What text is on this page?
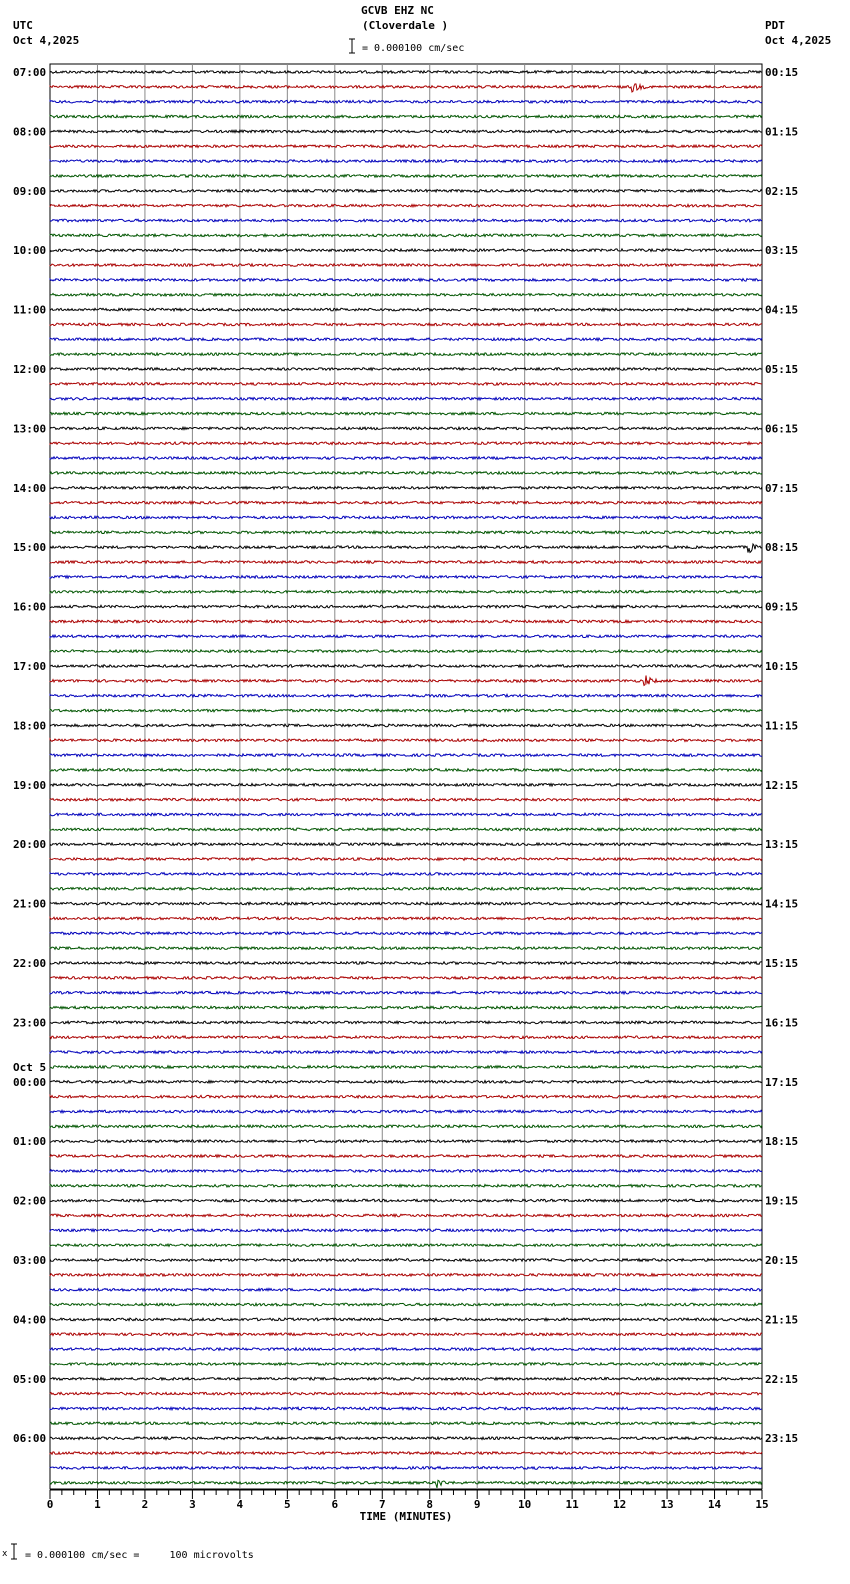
GCVB EHZ NC
(Cloverdale )
UTC
Oct 4,2025
PDT
Oct 4,2025
= 0.000100 cm/sec
07:00	00:15
08:00	01:15
09:00	02:15
10:00	03:15
11:00	04:15
12:00	05:15
13:00	06:15
14:00	07:15
15:00	08:15
16:00	09:15
17:00	10:15
18:00	11:15
19:00	12:15
20:00	13:15
21:00	14:15
22:00	15:15
23:00	16:15
00:00	17:15
01:00	18:15
02:00	19:15
03:00	20:15
04:00	21:15
05:00	22:15
06:00	23:15
Oct 5
0	1	2	3	4	5	6	7	8	9	10	11	12	13	14	15
TIME (MINUTES)
x = 0.000100 cm/sec =     100 microvolts
